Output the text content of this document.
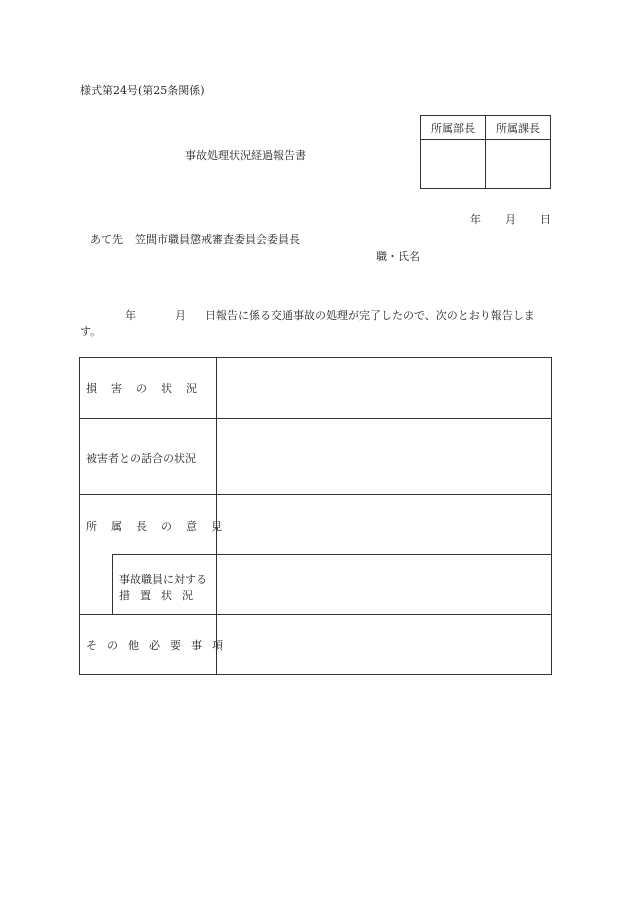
様式第24号(第25条関係)
事故処理状況経過報告書
所属部長	所属課長

年 月 日
あて先 笠間市職員懲戒審査委員会委員長
職・氏名
年	月 日報告に係る交通事故の処理が完了したので、次のとおり報告しま
す。
損害の状況
被害者との話合の状況
所属長の意見
事故職員に対する
措置状況
その他必要事項
